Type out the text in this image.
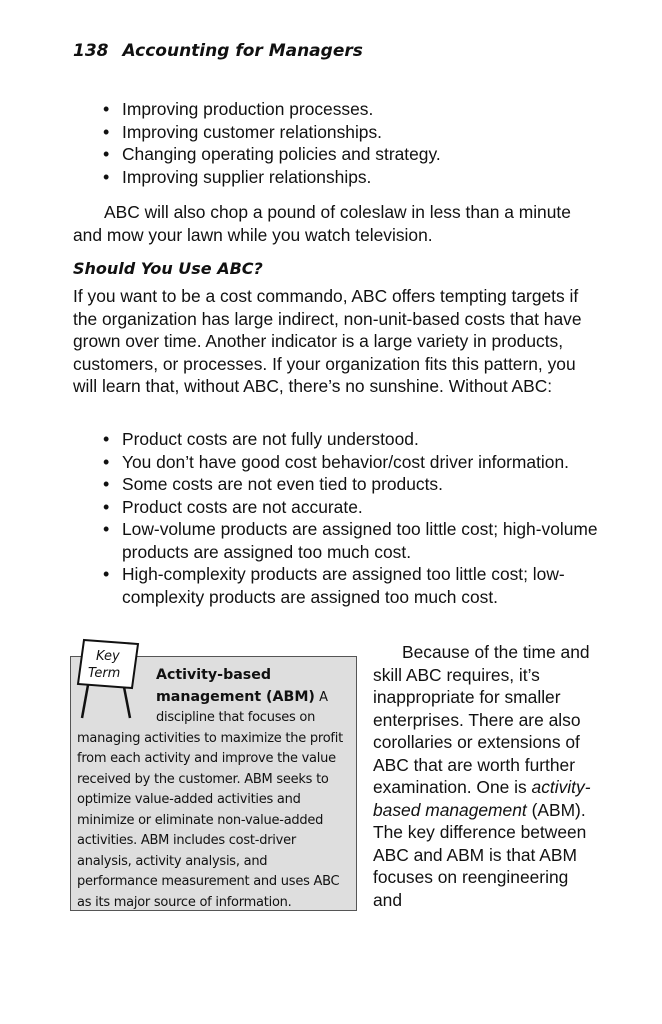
138 Accounting for Managers
• Improving production processes.
• Improving customer relationships.
• Changing operating policies and strategy.
• Improving supplier relationships.

ABC will also chop a pound of coleslaw in less than a minute and mow your lawn while you watch television.

Should You Use ABC?

If you want to be a cost commando, ABC offers tempting targets if the organization has large indirect, non-unit-based costs that have grown over time. Another indicator is a large variety in products, customers, or processes. If your organization fits this pattern, you will learn that, without ABC, there’s no sunshine. Without ABC:

• Product costs are not fully understood.
• You don’t have good cost behavior/cost driver information.
• Some costs are not even tied to products.
• Product costs are not accurate.
• Low-volume products are assigned too little cost; high-volume products are assigned too much cost.
• High-complexity products are assigned too little cost; low-complexity products are assigned too much cost.
Key
Term	Activity-based management (ABM) A discipline that focuses on managing activities to maximize the profit from each activity and improve the value received by the customer. ABM seeks to optimize value-added activities and minimize or eliminate non-value-added activities. ABM includes cost-driver analysis, activity analysis, and performance measurement and uses ABC as its major source of information.
Because of the time and skill ABC requires, it’s inappropriate for smaller enterprises. There are also corollaries or extensions of ABC that are worth further examination. One is activity-based management (ABM). The key difference between ABC and ABM is that ABM focuses on reengineering and
